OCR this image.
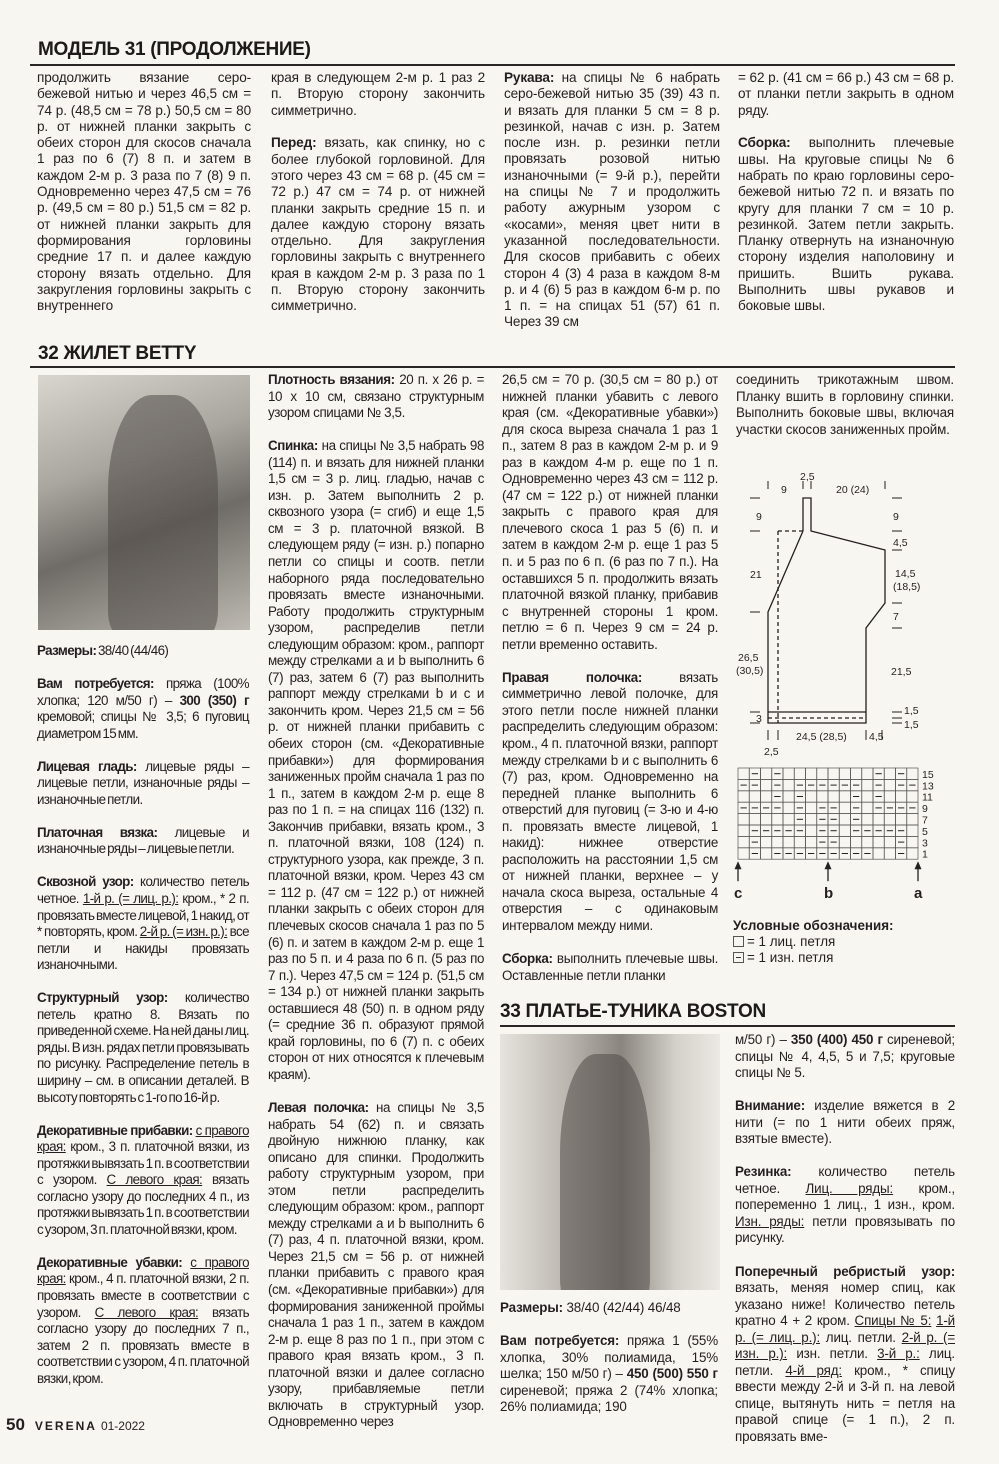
МОДЕЛЬ 31 (ПРОДОЛЖЕНИЕ)

продолжить вязание серо-бежевой нитью и через 46,5 см = 74 р. (48,5 см = 78 р.) 50,5 см = 80 р. от нижней планки закрыть с обеих сторон для скосов сначала 1 раз по 6 (7) 8 п. и затем в каждом 2-м р. 3 раза по 7 (8) 9 п. Одновременно через 47,5 см = 76 р. (49,5 см = 80 р.) 51,5 см = 82 р. от нижней планки закрыть для формирования горловины средние 17 п. и далее каждую сторону вязать отдельно. Для закругления горловины закрыть с внутреннего

края в следующем 2-м р. 1 раз 2 п. Вторую сторону закончить симметрично.

Перед: вязать, как спинку, но с более глубокой горловиной. Для этого через 43 см = 68 р. (45 см = 72 р.) 47 см = 74 р. от нижней планки закрыть средние 15 п. и далее каждую сторону вязать отдельно. Для закругления горловины закрыть с внутреннего края в каждом 2-м р. 3 раза по 1 п. Вторую сторону закончить симметрично.

Рукава: на спицы № 6 набрать серо-бежевой нитью 35 (39) 43 п. и вязать для планки 5 см = 8 р. резинкой, начав с изн. р. Затем после изн. р. резинки петли провязать розовой нитью изнаночными (= 9-й р.), перейти на спицы № 7 и продолжить работу ажурным узором с «косами», меняя цвет нити в указанной последовательности. Для скосов прибавить с обеих сторон 4 (3) 4 раза в каждом 8-м р. и 4 (6) 5 раз в каждом 6-м р. по 1 п. = на спицах 51 (57) 61 п. Через 39 см

= 62 р. (41 см = 66 р.) 43 см = 68 р. от планки петли закрыть в одном ряду.

Сборка: выполнить плечевые швы. На круговые спицы № 6 набрать по краю горловины серо-бежевой нитью 72 п. и вязать по кругу для планки 7 см = 10 р. резинкой. Затем петли закрыть. Планку отвернуть на изнаночную сторону изделия наполовину и пришить. Вшить рукава. Выполнить швы рукавов и боковые швы.

32 ЖИЛЕТ BETTY

Размеры: 38/40 (44/46)

Вам потребуется: пряжа (100% хлопка; 120 м/50 г) – 300 (350) г кремовой; спицы № 3,5; 6 пуговиц диаметром 15 мм.

Лицевая гладь: лицевые ряды – лицевые петли, изнаночные ряды – изнаночные петли.

Платочная вязка: лицевые и изнаночные ряды – лицевые петли.

Сквозной узор: количество петель четное. 1-й р. (= лиц. р.): кром., * 2 п. провязать вместе лицевой, 1 накид, от * повторять, кром. 2-й р. (= изн. р.): все петли и накиды провязать изнаночными.

Структурный узор: количество петель кратно 8. Вязать по приведенной схеме. На ней даны лиц. ряды. В изн. рядах петли провязывать по рисунку. Распределение петель в ширину – см. в описании деталей. В высоту повторять с 1-го по 16-й р.

Декоративные прибавки: с правого края: кром., 3 п. платочной вязки, из протяжки вывязать 1 п. в соответствии с узором. С левого края: вязать согласно узору до последних 4 п., из протяжки вывязать 1 п. в соответствии с узором, 3 п. платочной вязки, кром.

Декоративные убавки: с правого края: кром., 4 п. платочной вязки, 2 п. провязать вместе в соответствии с узором. С левого края: вязать согласно узору до последних 7 п., затем 2 п. провязать вместе в соответствии с узором, 4 п. платочной вязки, кром.

Плотность вязания: 20 п. х 26 р. = 10 х 10 см, связано структурным узором спицами № 3,5.

Спинка: на спицы № 3,5 набрать 98 (114) п. и вязать для нижней планки 1,5 см = 3 р. лиц. гладью, начав с изн. р. Затем выполнить 2 р. сквозного узора (= сгиб) и еще 1,5 см = 3 р. платочной вязкой. В следующем ряду (= изн. р.) попарно петли со спицы и соотв. петли наборного ряда последовательно провязать вместе изнаночными. Работу продолжить структурным узором, распределив петли следующим образом: кром., раппорт между стрелками а и b выполнить 6 (7) раз, затем 6 (7) раз выполнить раппорт между стрелками b и с и закончить кром. Через 21,5 см = 56 р. от нижней планки прибавить с обеих сторон (см. «Декоративные прибавки») для формирования заниженных пройм сначала 1 раз по 1 п., затем в каждом 2-м р. еще 8 раз по 1 п. = на спицах 116 (132) п. Закончив прибавки, вязать кром., 3 п. платочной вязки, 108 (124) п. структурного узора, как прежде, 3 п. платочной вязки, кром. Через 43 см = 112 р. (47 см = 122 р.) от нижней планки закрыть с обеих сторон для плечевых скосов сначала 1 раз по 5 (6) п. и затем в каждом 2-м р. еще 1 раз по 5 п. и 4 раза по 6 п. (5 раз по 7 п.). Через 47,5 см = 124 р. (51,5 см = 134 р.) от нижней планки закрыть оставшиеся 48 (50) п. в одном ряду (= средние 36 п. образуют прямой край горловины, по 6 (7) п. с обеих сторон от них относятся к плечевым краям).

Левая полочка: на спицы № 3,5 набрать 54 (62) п. и связать двойную нижнюю планку, как описано для спинки. Продолжить работу структурным узором, при этом петли распределить следующим образом: кром., раппорт между стрелками а и b выполнить 6 (7) раз, 4 п. платочной вязки, кром. Через 21,5 см = 56 р. от нижней планки прибавить с правого края (см. «Декоративные прибавки») для формирования заниженной проймы сначала 1 раз 1 п., затем в каждом 2-м р. еще 8 раз по 1 п., при этом с правого края вязать кром., 3 п. платочной вязки и далее согласно узору, прибавляемые петли включать в структурный узор. Одновременно через

26,5 см = 70 р. (30,5 см = 80 р.) от нижней планки убавить с левого края (см. «Декоративные убавки») для скоса выреза сначала 1 раз 1 п., затем 8 раз в каждом 2-м р. и 9 раз в каждом 4-м р. еще по 1 п. Одновременно через 43 см = 112 р. (47 см = 122 р.) от нижней планки закрыть с правого края для плечевого скоса 1 раз 5 (6) п. и затем в каждом 2-м р. еще 1 раз 5 п. и 5 раз по 6 п. (6 раз по 7 п.). На оставшихся 5 п. продолжить вязать платочной вязкой планку, прибавив с внутренней стороны 1 кром. петлю = 6 п. Через 9 см = 24 р. петли временно оставить.

Правая полочка: вязать симметрично левой полочке, для этого петли после нижней планки распределить следующим образом: кром., 4 п. платочной вязки, раппорт между стрелками b и с выполнить 6 (7) раз, кром. Одновременно на передней планке выполнить 6 отверстий для пуговиц (= 3-ю и 4-ю п. провязать вместе лицевой, 1 накид): нижнее отверстие расположить на расстоянии 1,5 см от нижней планки, верхнее – у начала скоса выреза, остальные 4 отверстия – с одинаковым интервалом между ними.

Сборка: выполнить плечевые швы. Оставленные петли планки

соединить трикотажным швом. Планку вшить в горловину спинки. Выполнить боковые швы, включая участки скосов заниженных пройм.

2,5
9	20 (24)
9	9
4,5
21	14,5
(18,5)
7
26,5
(30,5)	21,5
3
1,5
1,5
24,5 (28,5) 4,5
2,5
15
13
11
9
7
5
3
1
c	b	a
Условные обозначения:
= 1 лиц. петля
= 1 изн. петля
33 ПЛАТЬЕ-ТУНИКА BOSTON

Размеры: 38/40 (42/44) 46/48

Вам потребуется: пряжа 1 (55% хлопка, 30% полиамида, 15% шелка; 150 м/50 г) – 450 (500) 550 г сиреневой; пряжа 2 (74% хлопка; 26% полиамида; 190

м/50 г) – 350 (400) 450 г сиреневой; спицы № 4, 4,5, 5 и 7,5; круговые спицы № 5.

Внимание: изделие вяжется в 2 нити (= по 1 нити обеих пряж, взятые вместе).

Резинка: количество петель четное. Лиц. ряды: кром., попеременно 1 лиц., 1 изн., кром. Изн. ряды: петли провязывать по рисунку.

Поперечный ребристый узор: вязать, меняя номер спиц, как указано ниже! Количество петель кратно 4 + 2 кром. Спицы № 5: 1-й р. (= лиц. р.): лиц. петли. 2-й р. (= изн. р.): изн. петли. 3-й р.: лиц. петли. 4-й ряд: кром., * спицу ввести между 2-й и 3-й п. на левой спице, вытянуть нить = петля на правой спице (= 1 п.), 2 п. провязать вме-

50 VERENA 01-2022
